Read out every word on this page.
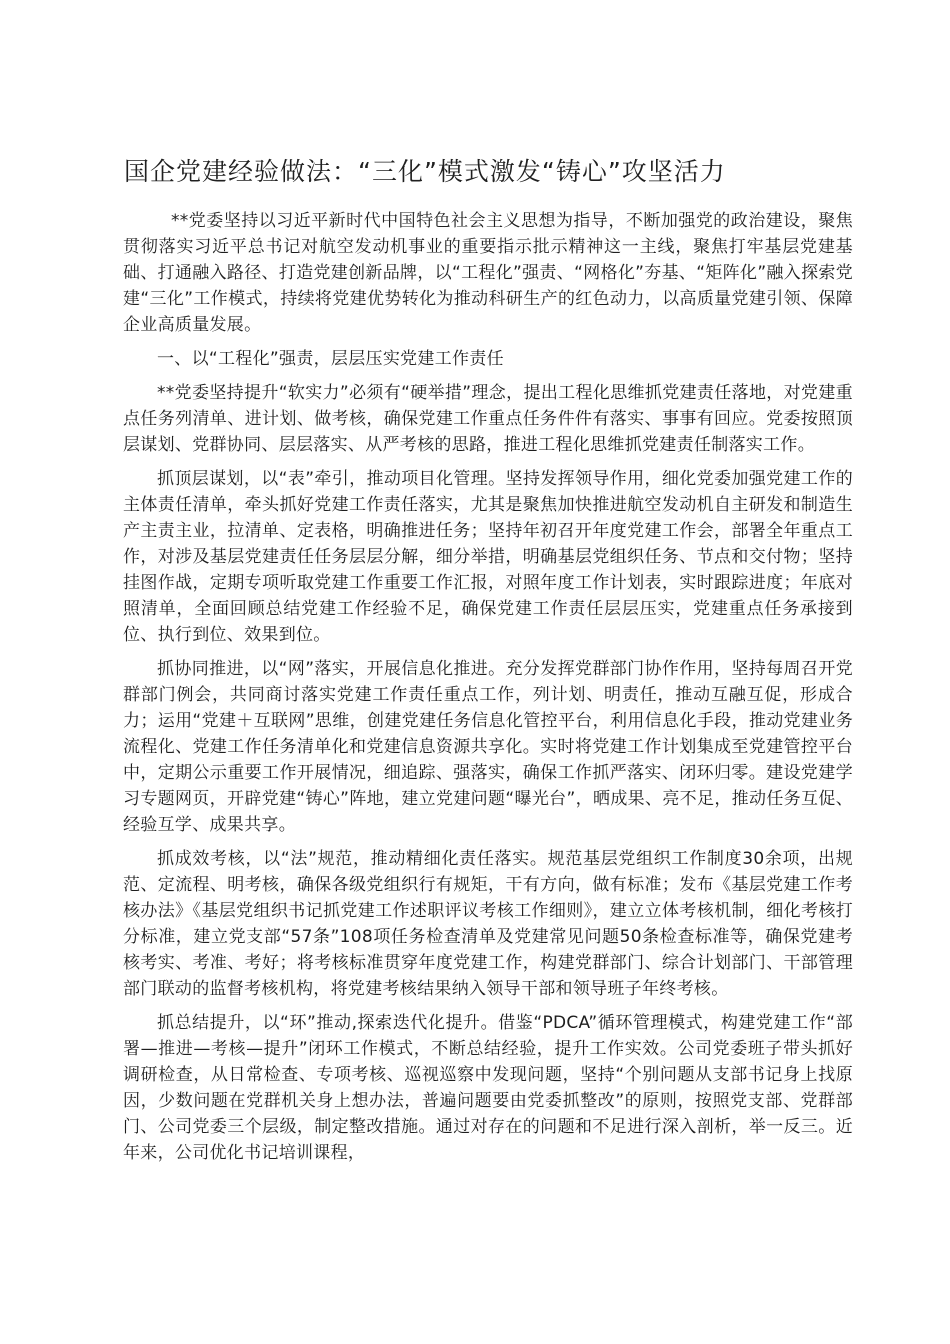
国企党建经验做法：“三化”模式激发“铸心”攻坚活力

**党委坚持以习近平新时代中国特色社会主义思想为指导，不断加强党的政治建设，聚焦贯彻落实习近平总书记对航空发动机事业的重要指示批示精神这一主线，聚焦打牢基层党建基础、打通融入路径、打造党建创新品牌，以“工程化”强责、“网格化”夯基、“矩阵化”融入探索党建“三化”工作模式，持续将党建优势转化为推动科研生产的红色动力，以高质量党建引领、保障企业高质量发展。

一、以“工程化”强责，层层压实党建工作责任

**党委坚持提升“软实力”必须有“硬举措”理念，提出工程化思维抓党建责任落地，对党建重点任务列清单、进计划、做考核，确保党建工作重点任务件件有落实、事事有回应。党委按照顶层谋划、党群协同、层层落实、从严考核的思路，推进工程化思维抓党建责任制落实工作。

抓顶层谋划，以“表”牵引，推动项目化管理。坚持发挥领导作用，细化党委加强党建工作的主体责任清单，牵头抓好党建工作责任落实，尤其是聚焦加快推进航空发动机自主研发和制造生产主责主业，拉清单、定表格，明确推进任务；坚持年初召开年度党建工作会，部署全年重点工作，对涉及基层党建责任任务层层分解，细分举措，明确基层党组织任务、节点和交付物；坚持挂图作战，定期专项听取党建工作重要工作汇报，对照年度工作计划表，实时跟踪进度；年底对照清单，全面回顾总结党建工作经验不足，确保党建工作责任层层压实，党建重点任务承接到位、执行到位、效果到位。

抓协同推进，以“网”落实，开展信息化推进。充分发挥党群部门协作作用，坚持每周召开党群部门例会，共同商讨落实党建工作责任重点工作，列计划、明责任，推动互融互促，形成合力；运用“党建＋互联网”思维，创建党建任务信息化管控平台，利用信息化手段，推动党建业务流程化、党建工作任务清单化和党建信息资源共享化。实时将党建工作计划集成至党建管控平台中，定期公示重要工作开展情况，细追踪、强落实，确保工作抓严落实、闭环归零。建设党建学习专题网页，开辟党建“铸心”阵地，建立党建问题“曝光台”，晒成果、亮不足，推动任务互促、经验互学、成果共享。

抓成效考核，以“法”规范，推动精细化责任落实。规范基层党组织工作制度30余项，出规范、定流程、明考核，确保各级党组织行有规矩，干有方向，做有标准；发布《基层党建工作考核办法》《基层党组织书记抓党建工作述职评议考核工作细则》，建立立体考核机制，细化考核打分标准，建立党支部“57条”108项任务检查清单及党建常见问题50条检查标准等，确保党建考核考实、考准、考好；将考核标准贯穿年度党建工作，构建党群部门、综合计划部门、干部管理部门联动的监督考核机构，将党建考核结果纳入领导干部和领导班子年终考核。

抓总结提升，以“环”推动,探索迭代化提升。借鉴“PDCA”循环管理模式，构建党建工作“部署—推进—考核—提升”闭环工作模式，不断总结经验，提升工作实效。公司党委班子带头抓好调研检查，从日常检查、专项考核、巡视巡察中发现问题，坚持“个别问题从支部书记身上找原因，少数问题在党群机关身上想办法，普遍问题要由党委抓整改”的原则，按照党支部、党群部门、公司党委三个层级，制定整改措施。通过对存在的问题和不足进行深入剖析，举一反三。近年来，公司优化书记培训课程，
